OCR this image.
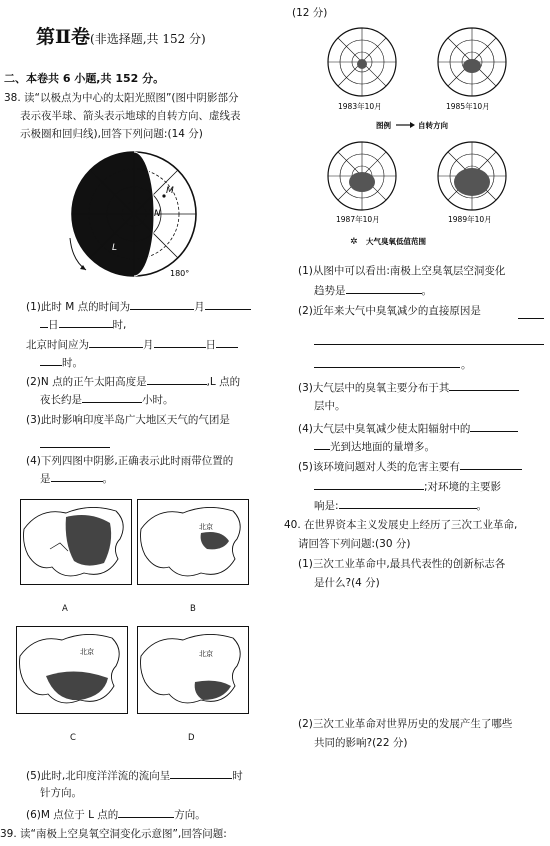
第Ⅱ卷(非选择题,共 152 分)
二、本卷共 6 小题,共 152 分。
38. 读“以极点为中心的太阳光照图”(图中阴影部分
表示夜半球、箭头表示地球的自转方向、虚线表
示极圈和回归线),回答下列问题:(14 分)
M
N
L
180°
(1)此时 M 点的时间为	月
日	时,
北京时间应为	月	日
时。
(2)N 点的正午太阳高度是	,L 点的
夜长约是	小时。
(3)此时影响印度半岛广大地区天气的气团是
(4)下列四图中阴影,正确表示此时雨带位置的
是	。
北京
北京	北京
A	B
C	D
(5)此时,北印度洋洋流的流向呈	时
针方向。
(6)M 点位于 L 点的	方向。
39. 读“南极上空臭氧空洞变化示意图”,回答问题:
(12 分)
1983年10月	1985年10月
图例	自转方向
1987年10月	1989年10月
✲ 大气臭氧低值范围
(1)从图中可以看出:南极上空臭氧层空洞变化
趋势是	。
(2)近年来大气中臭氧减少的直接原因是
。
(3)大气层中的臭氧主要分布于其
层中。
(4)大气层中臭氧减少使太阳辐射中的
光到达地面的量增多。
(5)该环境问题对人类的危害主要有
;对环境的主要影
响是:	。
40. 在世界资本主义发展史上经历了三次工业革命,
请回答下列问题:(30 分)
(1)三次工业革命中,最具代表性的创新标志各
是什么?(4 分)
(2)三次工业革命对世界历史的发展产生了哪些
共同的影响?(22 分)
